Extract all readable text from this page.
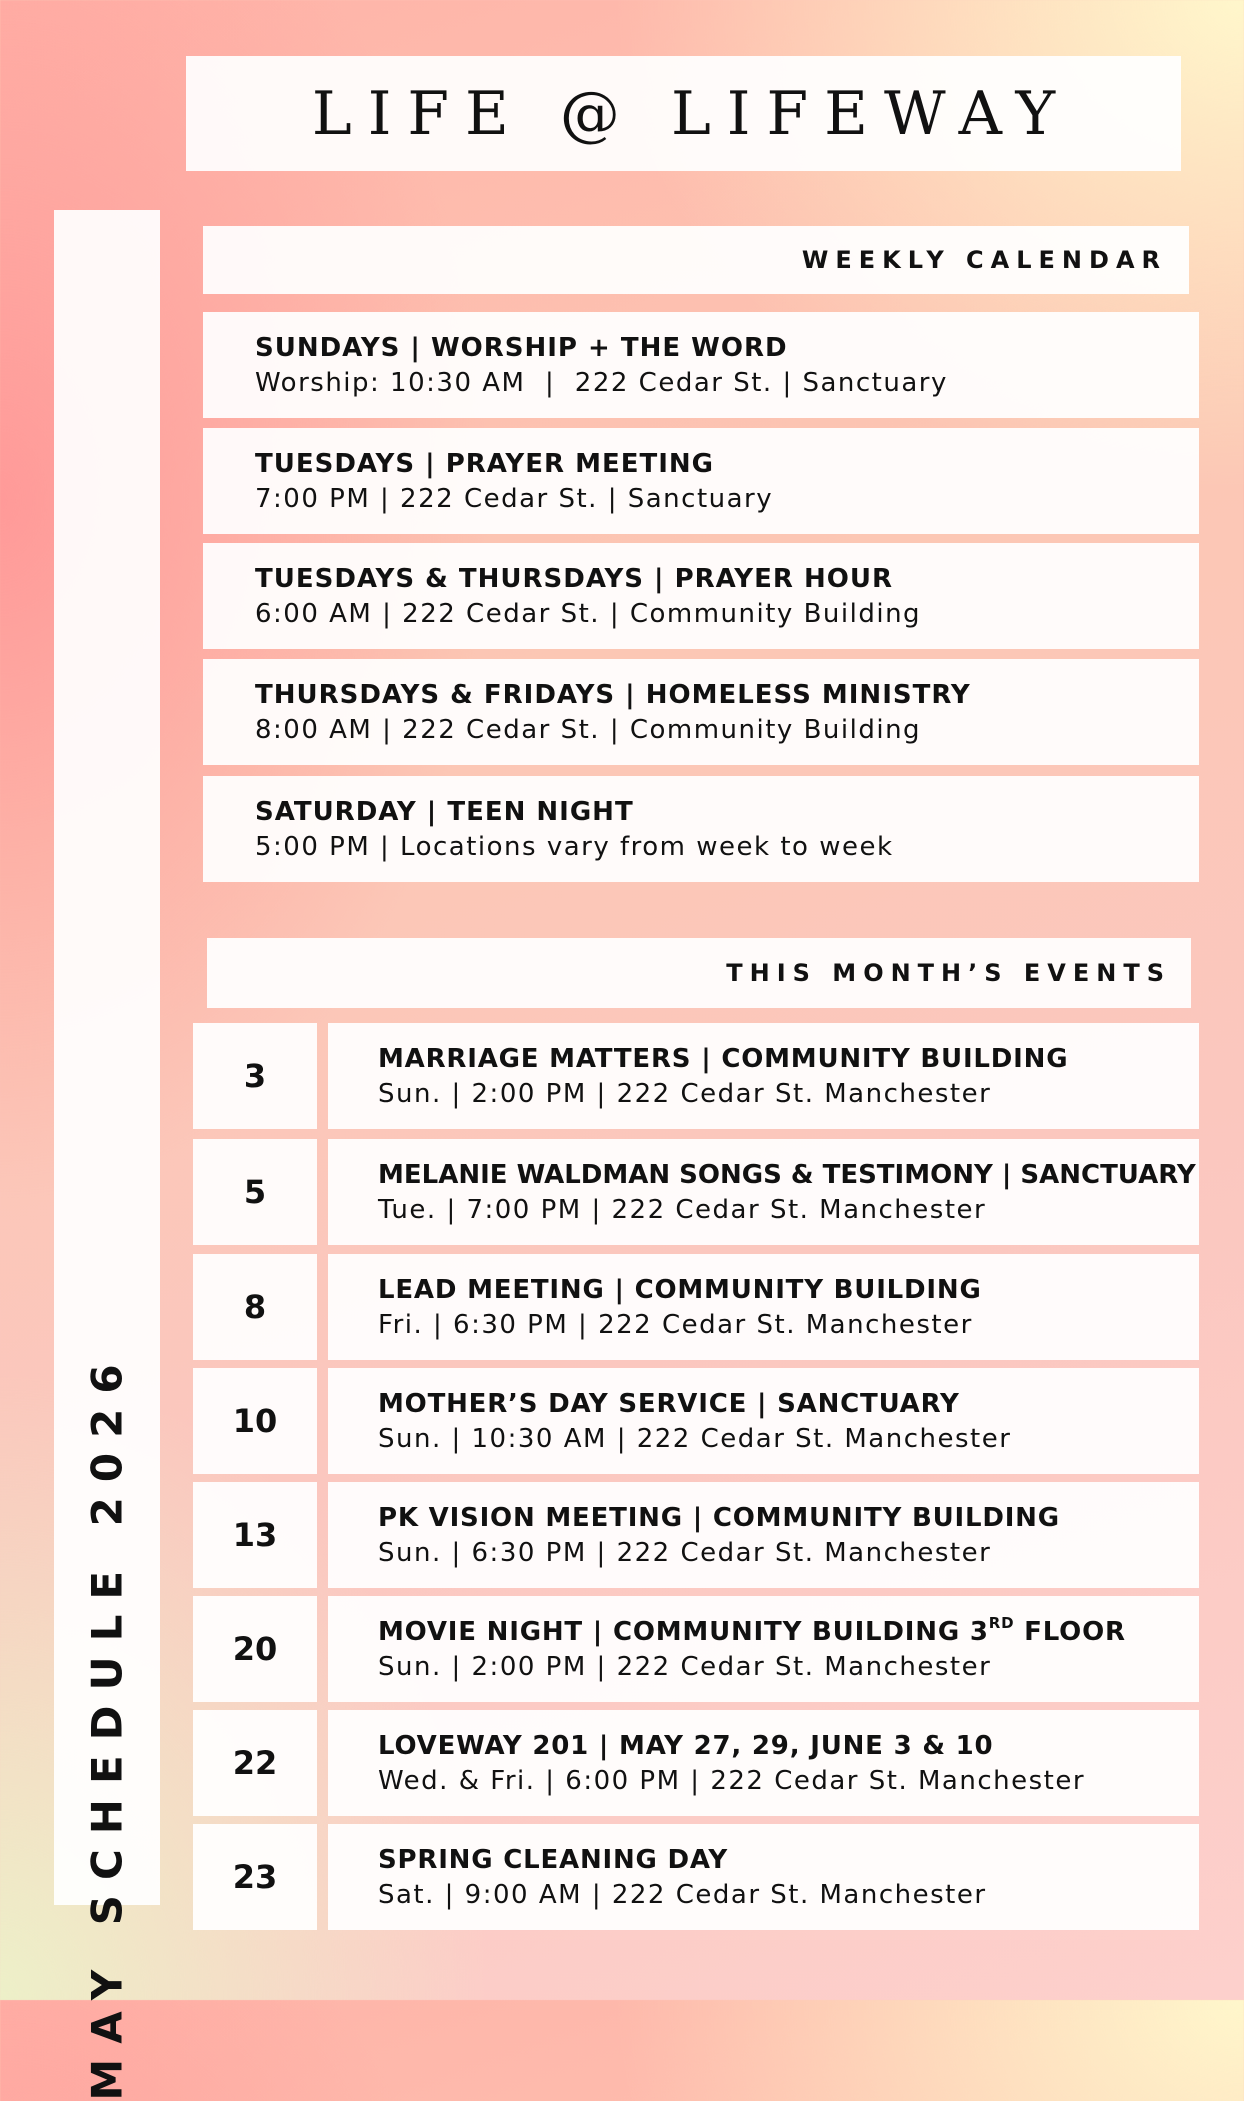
LIFE @ LIFEWAY
MAY SCHEDULE 2026
WEEKLY CALENDAR
SUNDAYS | WORSHIP + THE WORD
Worship: 10:30 AM  |  222 Cedar St. | Sanctuary
TUESDAYS | PRAYER MEETING
7:00 PM | 222 Cedar St. | Sanctuary
TUESDAYS & THURSDAYS | PRAYER HOUR
6:00 AM | 222 Cedar St. | Community Building
THURSDAYS & FRIDAYS | HOMELESS MINISTRY
8:00 AM | 222 Cedar St. | Community Building
SATURDAY | TEEN NIGHT
5:00 PM | Locations vary from week to week
THIS MONTH’S EVENTS
3	MARRIAGE MATTERS | COMMUNITY BUILDING
Sun. | 2:00 PM | 222 Cedar St. Manchester
5	MELANIE WALDMAN SONGS & TESTIMONY | SANCTUARY
Tue. | 7:00 PM | 222 Cedar St. Manchester
8	LEAD MEETING | COMMUNITY BUILDING
Fri. | 6:30 PM | 222 Cedar St. Manchester
10	MOTHER’S DAY SERVICE | SANCTUARY
Sun. | 10:30 AM | 222 Cedar St. Manchester
13	PK VISION MEETING | COMMUNITY BUILDING
Sun. | 6:30 PM | 222 Cedar St. Manchester
20	MOVIE NIGHT | COMMUNITY BUILDING 3RD FLOOR
Sun. | 2:00 PM | 222 Cedar St. Manchester
22	LOVEWAY 201 | MAY 27, 29, JUNE 3 & 10
Wed. & Fri. | 6:00 PM | 222 Cedar St. Manchester
23	SPRING CLEANING DAY
Sat. | 9:00 AM | 222 Cedar St. Manchester
